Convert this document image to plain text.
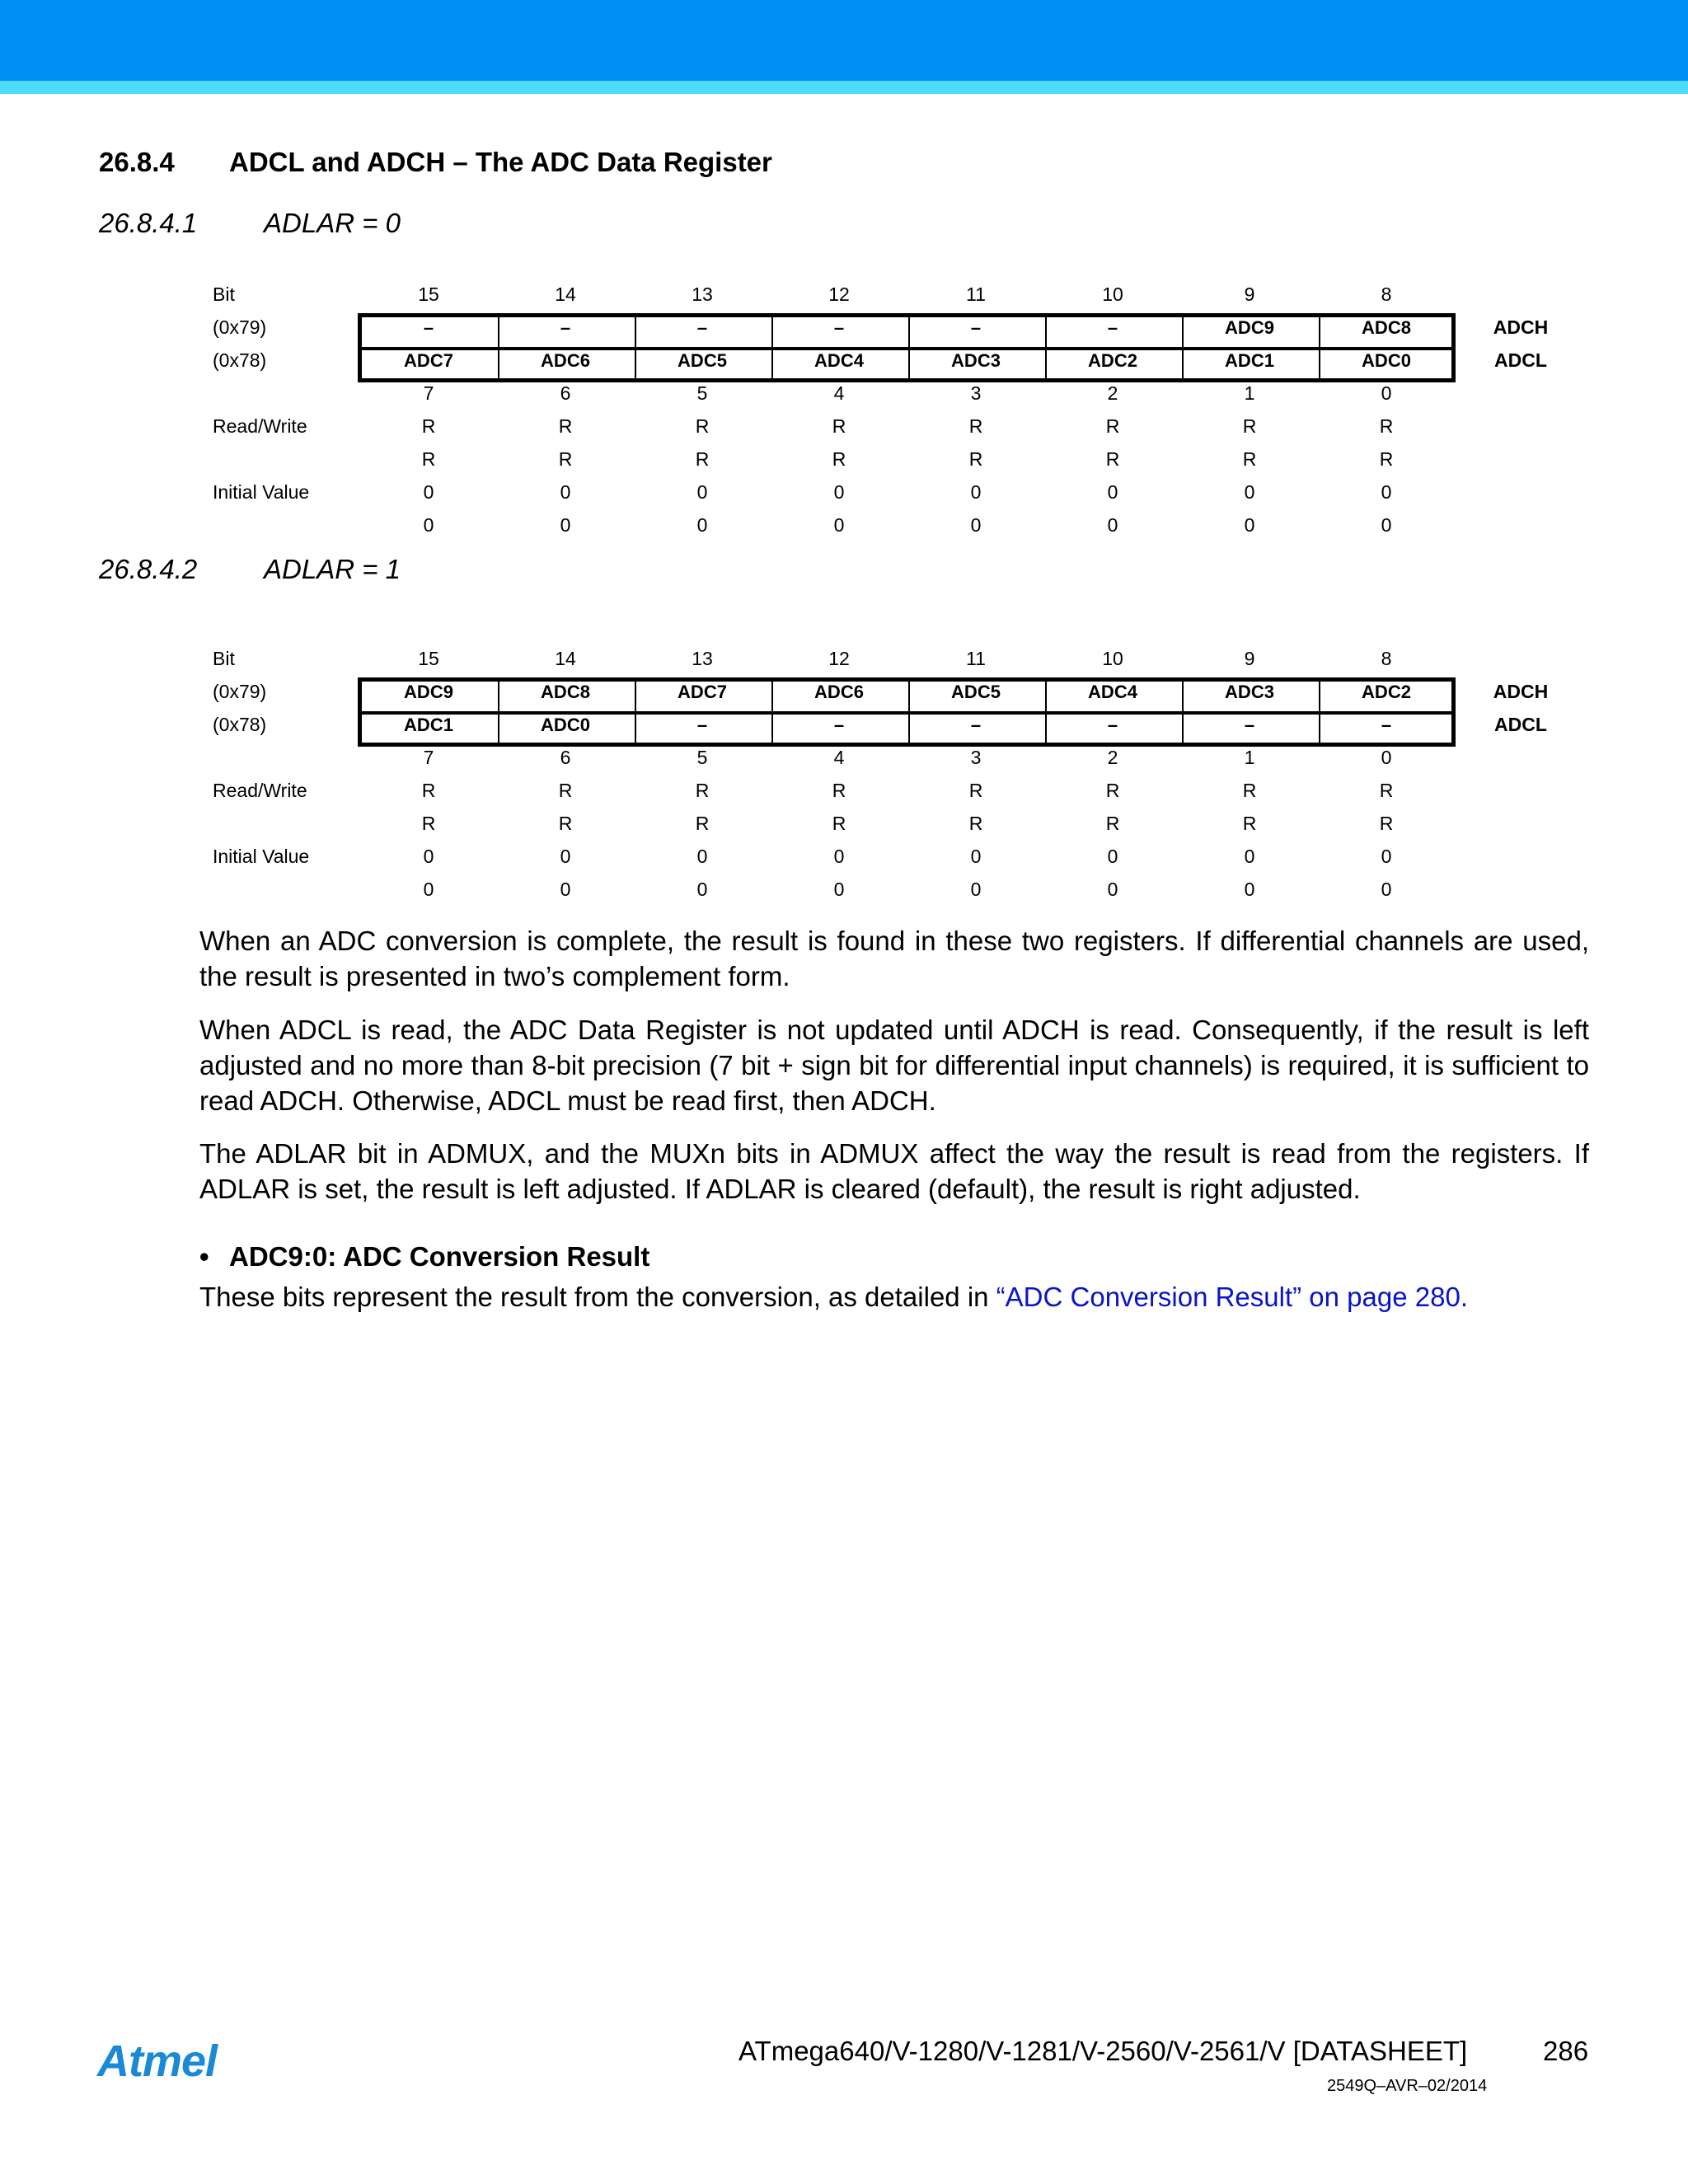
26.8.4 ADCL and ADCH – The ADC Data Register
26.8.4.1 ADLAR = 0
Bit
(0x79)
(0x78)
Read/Write
Initial Value
15
–
ADC7
7
R
R
0
0
14
–
ADC6
6
R
R
0
0
13
–
ADC5
5
R
R
0
0
12
–
ADC4
4
R
R
0
0
11
–
ADC3
3
R
R
0
0
10
–
ADC2
2
R
R
0
0
9
ADC9
ADC1
1
R
R
0
0
8
ADC8
ADC0
0
R
R
0
0
ADCH
ADCL
26.8.4.2 ADLAR = 1
Bit
(0x79)
(0x78)
Read/Write
Initial Value
15
ADC9
ADC1
7
R
R
0
0
14
ADC8
ADC0
6
R
R
0
0
13
ADC7
–
5
R
R
0
0
12
ADC6
–
4
R
R
0
0
11
ADC5
–
3
R
R
0
0
10
ADC4
–
2
R
R
0
0
9
ADC3
–
1
R
R
0
0
8
ADC2
–
0
R
R
0
0
ADCH
ADCL
When an ADC conversion is complete, the result is found in these two registers. If differential channels are used, the result is presented in two’s complement form.
When ADCL is read, the ADC Data Register is not updated until ADCH is read. Consequently, if the result is left adjusted and no more than 8-bit precision (7 bit + sign bit for differential input channels) is required, it is sufficient to read ADCH. Otherwise, ADCL must be read first, then ADCH.
The ADLAR bit in ADMUX, and the MUXn bits in ADMUX affect the way the result is read from the registers. If ADLAR is set, the result is left adjusted. If ADLAR is cleared (default), the result is right adjusted.
• ADC9:0: ADC Conversion Result
These bits represent the result from the conversion, as detailed in “ADC Conversion Result” on page 280.
Atmel	ATmega640/V-1280/V-1281/V-2560/V-2561/V [DATASHEET]	286
2549Q–AVR–02/2014
